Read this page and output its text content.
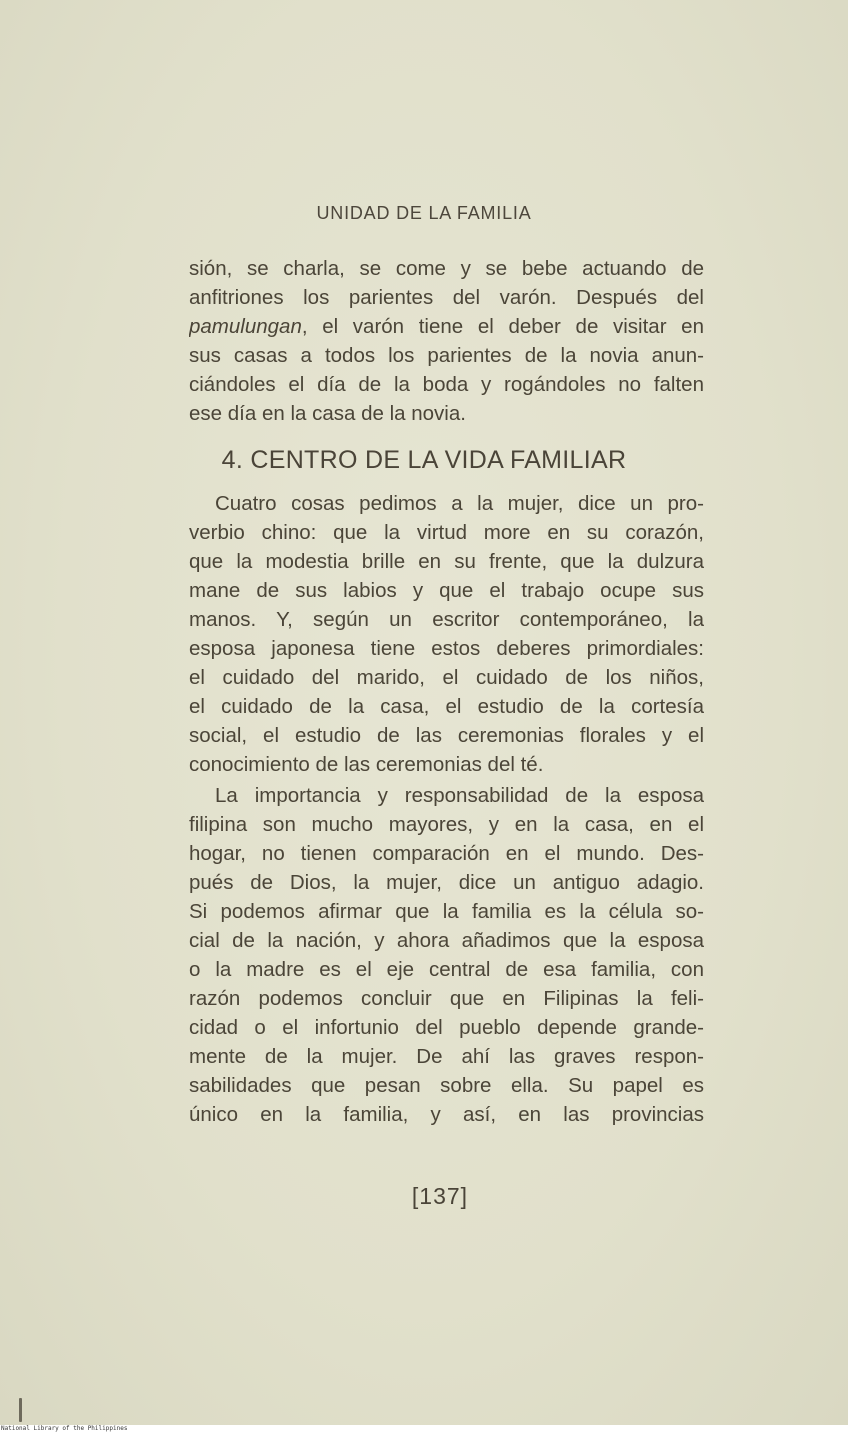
UNIDAD DE LA FAMILIA
sión, se charla, se come y se bebe actuando de
anfitriones los parientes del varón. Después del
pamulungan, el varón tiene el deber de visitar en
sus casas a todos los parientes de la novia anun-
ciándoles el día de la boda y rogándoles no falten
ese día en la casa de la novia.
4. CENTRO DE LA VIDA FAMILIAR
Cuatro cosas pedimos a la mujer, dice un pro-
verbio chino: que la virtud more en su corazón,
que la modestia brille en su frente, que la dulzura
mane de sus labios y que el trabajo ocupe sus
manos. Y, según un escritor contemporáneo, la
esposa japonesa tiene estos deberes primordiales:
el cuidado del marido, el cuidado de los niños,
el cuidado de la casa, el estudio de la cortesía
social, el estudio de las ceremonias florales y el
conocimiento de las ceremonias del té.
La importancia y responsabilidad de la esposa
filipina son mucho mayores, y en la casa, en el
hogar, no tienen comparación en el mundo. Des-
pués de Dios, la mujer, dice un antiguo adagio.
Si podemos afirmar que la familia es la célula so-
cial de la nación, y ahora añadimos que la esposa
o la madre es el eje central de esa familia, con
razón podemos concluir que en Filipinas la feli-
cidad o el infortunio del pueblo depende grande-
mente de la mujer. De ahí las graves respon-
sabilidades que pesan sobre ella. Su papel es
único en la familia, y así, en las provincias
[137]
National Library of the Philippines
